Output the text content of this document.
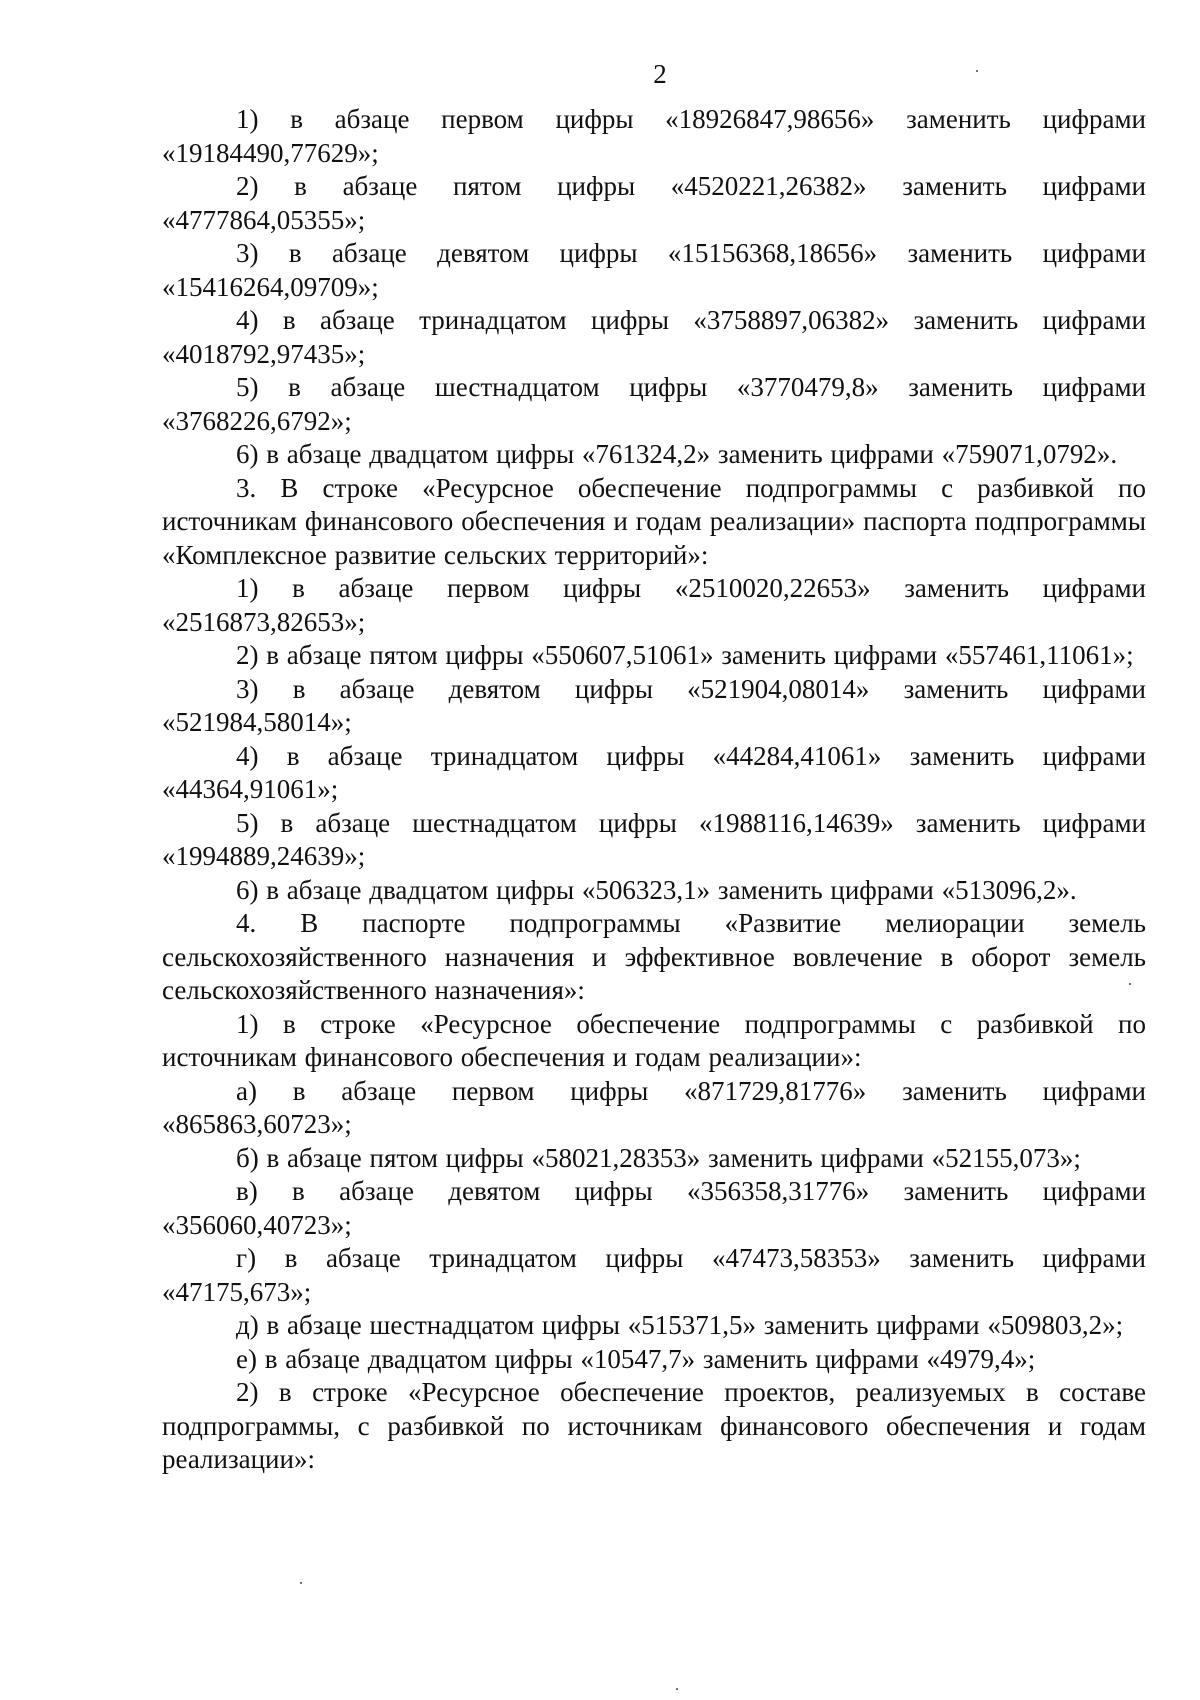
2

1) в абзаце первом цифры «18926847,98656» заменить цифрами «19184490,77629»;

2) в абзаце пятом цифры «4520221,26382» заменить цифрами «4777864,05355»;

3) в абзаце девятом цифры «15156368,18656» заменить цифрами «15416264,09709»;

4) в абзаце тринадцатом цифры «3758897,06382» заменить цифрами «4018792,97435»;

5) в абзаце шестнадцатом цифры «3770479,8» заменить цифрами «3768226,6792»;

6) в абзаце двадцатом цифры «761324,2» заменить цифрами «759071,0792».

3. В строке «Ресурсное обеспечение подпрограммы с разбивкой по источникам финансового обеспечения и годам реализации» паспорта подпрограммы «Комплексное развитие сельских территорий»:

1) в абзаце первом цифры «2510020,22653» заменить цифрами «2516873,82653»;

2) в абзаце пятом цифры «550607,51061» заменить цифрами «557461,11061»;

3) в абзаце девятом цифры «521904,08014» заменить цифрами «521984,58014»;

4) в абзаце тринадцатом цифры «44284,41061» заменить цифрами «44364,91061»;

5) в абзаце шестнадцатом цифры «1988116,14639» заменить цифрами «1994889,24639»;

6) в абзаце двадцатом цифры «506323,1» заменить цифрами «513096,2».

4. В паспорте подпрограммы «Развитие мелиорации земель сельскохозяйственного назначения и эффективное вовлечение в оборот земель сельскохозяйственного назначения»:

1) в строке «Ресурсное обеспечение подпрограммы с разбивкой по источникам финансового обеспечения и годам реализации»:

а) в абзаце первом цифры «871729,81776» заменить цифрами «865863,60723»;

б) в абзаце пятом цифры «58021,28353» заменить цифрами «52155,073»;

в) в абзаце девятом цифры «356358,31776» заменить цифрами «356060,40723»;

г) в абзаце тринадцатом цифры «47473,58353» заменить цифрами «47175,673»;

д) в абзаце шестнадцатом цифры «515371,5» заменить цифрами «509803,2»;

е) в абзаце двадцатом цифры «10547,7» заменить цифрами «4979,4»;

2) в строке «Ресурсное обеспечение проектов, реализуемых в составе подпрограммы, с разбивкой по источникам финансового обеспечения и годам реализации»:
